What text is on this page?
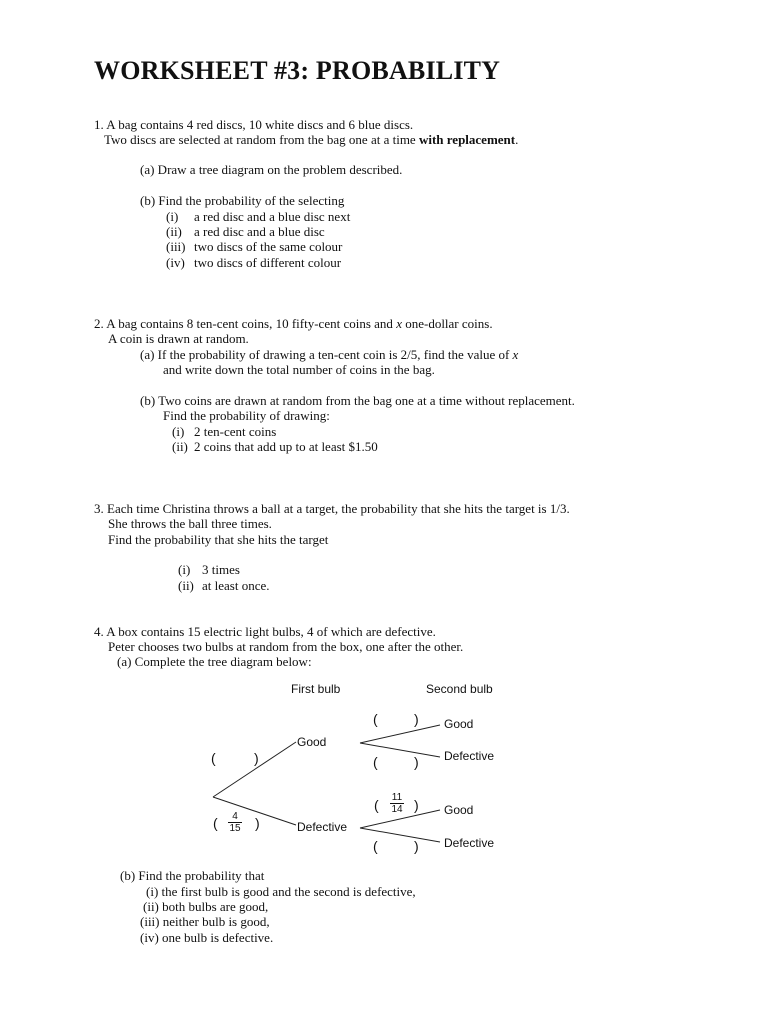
WORKSHEET #3: PROBABILITY
1. A bag contains 4 red discs, 10 white discs and 6 blue discs.
Two discs are selected at random from the bag one at a time with replacement.
(a) Draw a tree diagram on the problem described.
(b) Find the probability of the selecting
(i) a red disc and a blue disc next
(ii) a red disc and a blue disc
(iii) two discs of the same colour
(iv) two discs of different colour
2. A bag contains 8 ten-cent coins, 10 fifty-cent coins and x one-dollar coins.
A coin is drawn at random.
(a) If the probability of drawing a ten-cent coin is 2/5, find the value of x
and write down the total number of coins in the bag.
(b) Two coins are drawn at random from the bag one at a time without replacement.
Find the probability of drawing:
(i) 2 ten-cent coins
(ii) 2 coins that add up to at least $1.50
3. Each time Christina throws a ball at a target, the probability that she hits the target is 1/3.
She throws the ball three times.
Find the probability that she hits the target
(i) 3 times
(ii) at least once.
4. A box contains 15 electric light bulbs, 4 of which are defective.
Peter chooses two bulbs at random from the box, one after the other.
(a) Complete the tree diagram below:
First bulb	Second bulb
Good
Defective
Good
Defective
Good
Defective
(	)
(	)
(	)
(	)
(	4
15 )
( 11
14 )
(b) Find the probability that
(i) the first bulb is good and the second is defective,
(ii) both bulbs are good,
(iii) neither bulb is good,
(iv) one bulb is defective.
